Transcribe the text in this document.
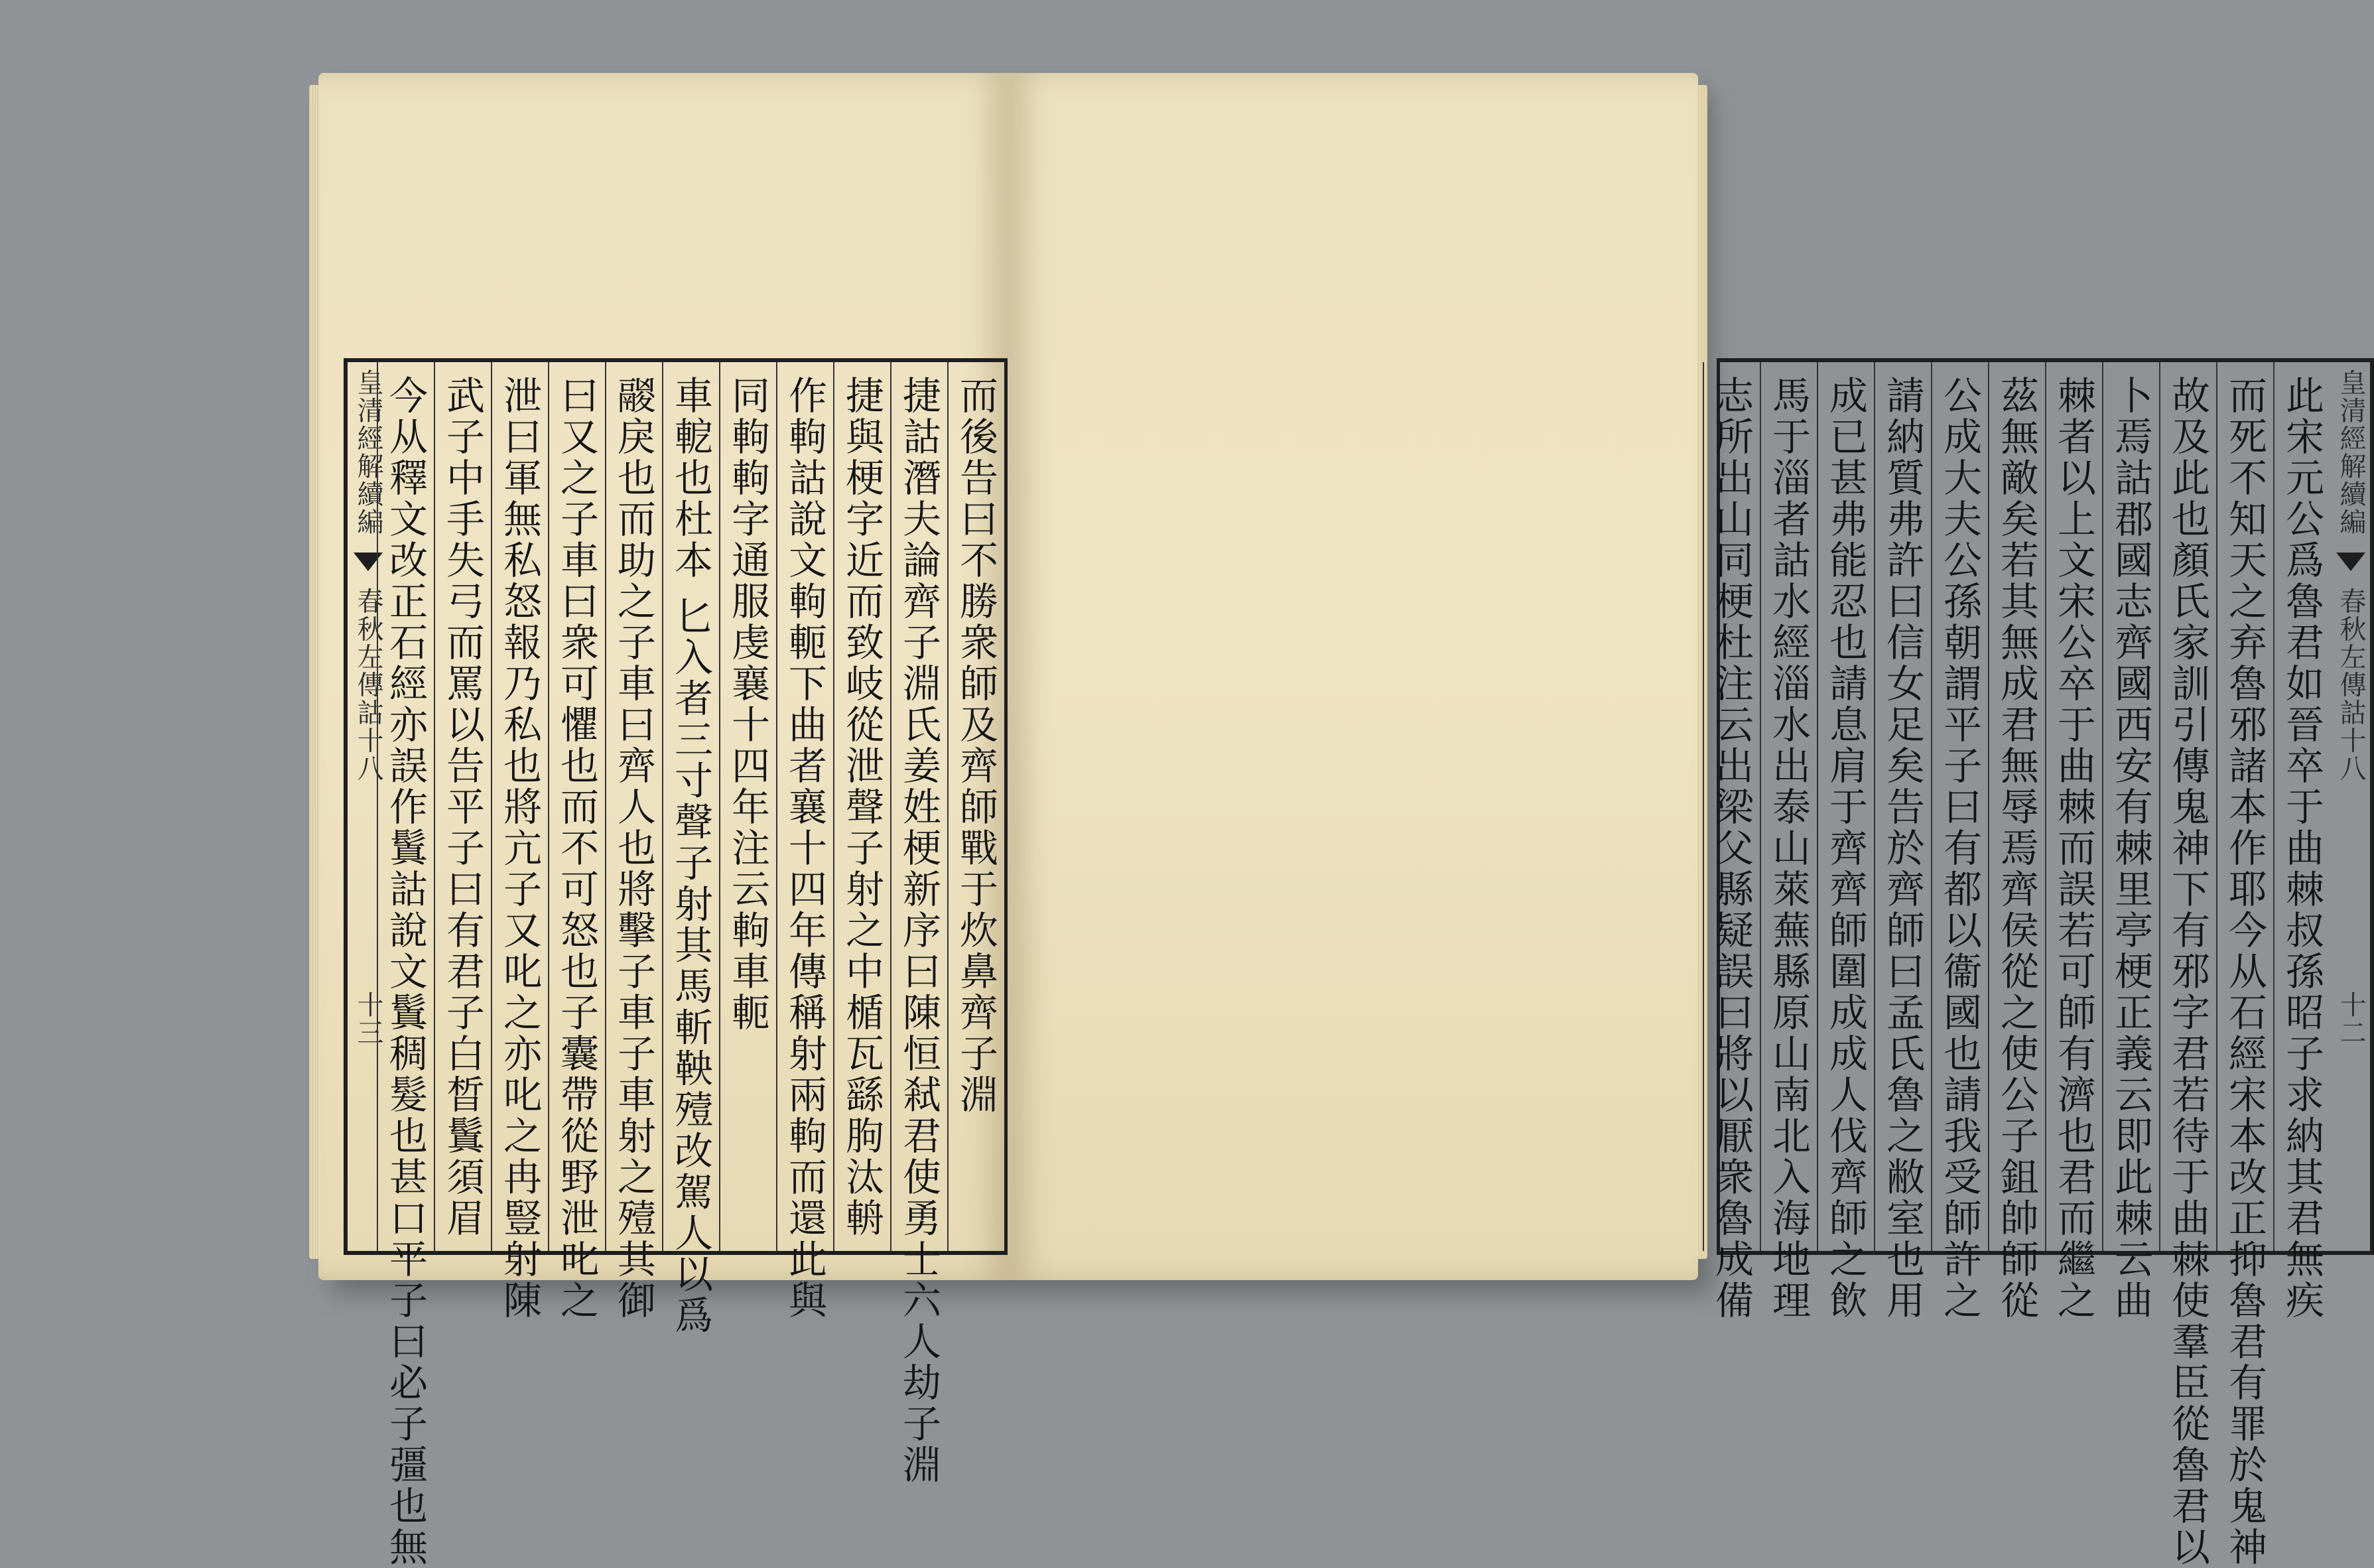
皇清經解續編  春秋左傳詁十八 十三	而後告曰不勝衆師及齊師戰于炊鼻齊子淵
捷詁潛夫論齊子淵氏姜姓梗新序曰陳恒弒君使勇士六人劫子淵
捷與梗字近而致岐從泄聲子射之中楯瓦繇朐汰輈
作軥詁說文軥軛下曲者襄十四年傳稱射兩軥而還此與
同軥軥字通服虔襄十四年注云軥車軛
車軶也杜本 匕入者三寸聲子射其馬斬鞅殪改駕人以爲
鬷戾也而助之子車曰齊人也將擊子車子車射之殪其御
曰又之子車曰衆可懼也而不可怒也子囊帶從野泄叱之
泄曰軍無私怒報乃私也將亢子又叱之亦叱之冉豎射陳
武子中手失弓而罵以告平子曰有君子白晳鬒須眉
今从釋文改正石經亦誤作鬒詁說文鬒稠髮也甚口平子曰必子彊也無	此宋元公爲魯君如晉卒于曲棘叔孫昭子求納其君無疾
而死不知天之弃魯邪諸本作耶今从石經宋本改正抑魯君有罪於鬼神
故及此也顏氏家訓引傳鬼神下有邪字君若待于曲棘使羣臣從魯君以
卜焉詁郡國志齊國西安有棘里亭梗正義云即此棘云曲
棘者以上文宋公卒于曲棘而誤若可師有濟也君而繼之
茲無敵矣若其無成君無辱焉齊侯從之使公子鉏帥師從
公成大夫公孫朝謂平子曰有都以衞國也請我受師許之
請納質弗許曰信女足矣告於齊師曰孟氏魯之敝室也用
成已甚弗能忍也請息肩于齊齊師圍成成人伐齊師之飲
馬于淄者詁水經淄水出泰山萊蕪縣原山南北入海地理
志所出山同梗杜注云出梁父縣疑誤曰將以厭衆魯成備	皇清經解續編  春秋左傳詁十八 十二
